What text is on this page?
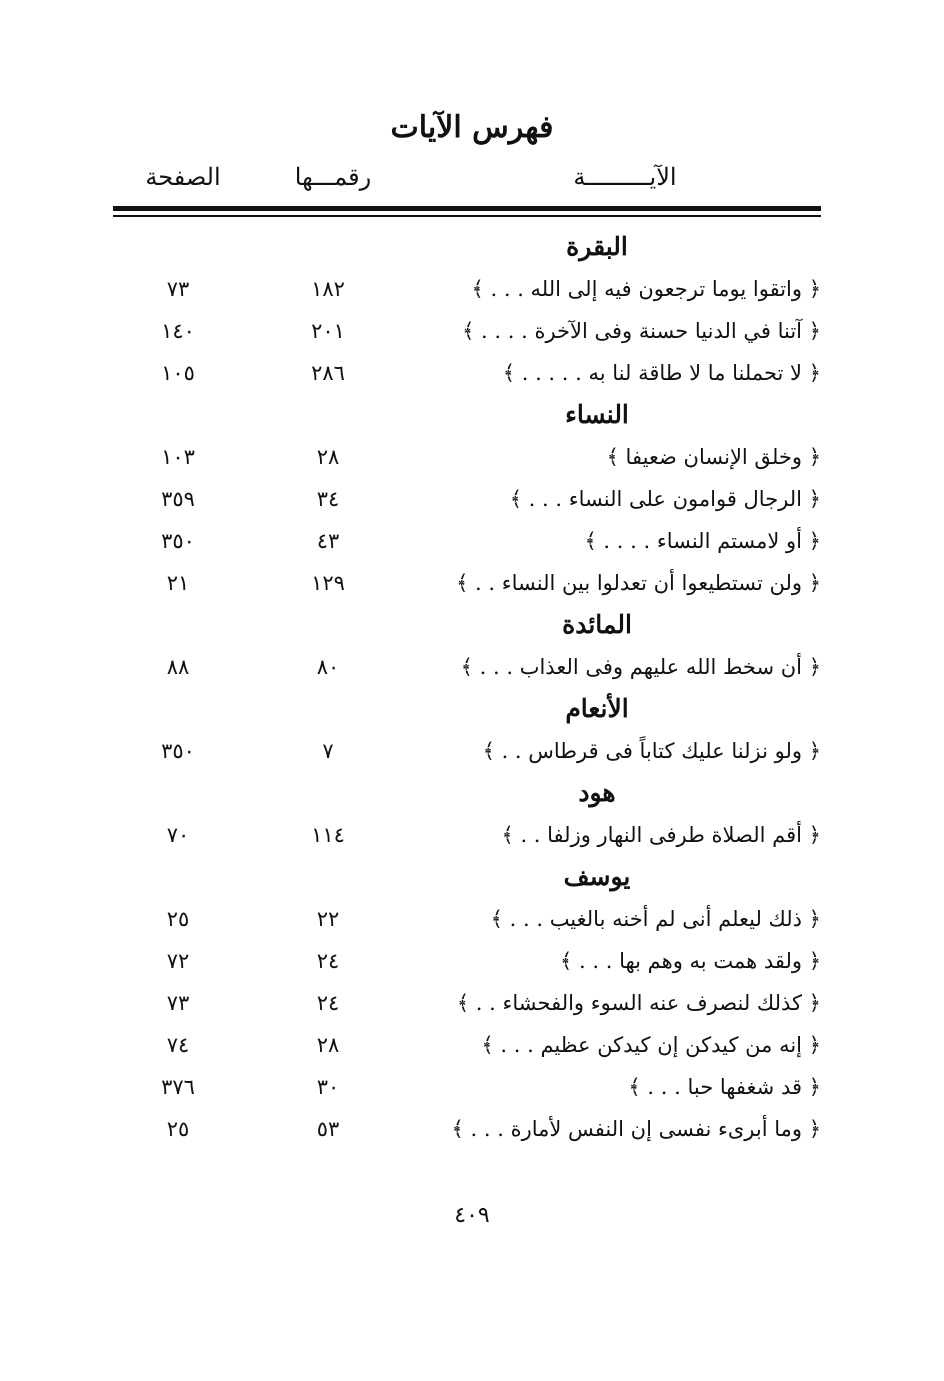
فهرس الآيات
الآيـــــــــة
رقمـــها
الصفحة
البقرة
﴿ واتقوا يوما ترجعون فيه إلى الله . . . ﴾
١٨٢
٧٣
﴿ آتنا في الدنيا حسنة وفى الآخرة . . . . ﴾
٢٠١
١٤٠
﴿ لا تحملنا ما لا طاقة لنا به . . . . . ﴾
٢٨٦
١٠٥
النساء
﴿ وخلق الإنسان ضعيفا ﴾
٢٨
١٠٣
﴿ الرجال قوامون على النساء . . . ﴾
٣٤
٣٥٩
﴿ أو لامستم النساء . . . . ﴾
٤٣
٣٥٠
﴿ ولن تستطيعوا أن تعدلوا بين النساء . . ﴾
١٢٩
٢١
المائدة
﴿ أن سخط الله عليهم وفى العذاب . . . ﴾
٨٠
٨٨
الأنعام
﴿ ولو نزلنا عليك كتاباً فى قرطاس . . ﴾
٧
٣٥٠
هود
﴿ أقم الصلاة طرفى النهار وزلفا . . ﴾
١١٤
٧٠
يوسف
﴿ ذلك ليعلم أنى لم أخنه بالغيب . . . ﴾
٢٢
٢٥
﴿ ولقد همت به وهم بها . . . ﴾
٢٤
٧٢
﴿ كذلك لنصرف عنه السوء والفحشاء . . ﴾
٢٤
٧٣
﴿ إنه من كيدكن إن كيدكن عظيم . . . ﴾
٢٨
٧٤
﴿ قد شغفها حبا . . . ﴾
٣٠
٣٧٦
﴿ وما أبرىء نفسى إن النفس لأمارة . . . ﴾
٥٣
٢٥
٤٠٩
